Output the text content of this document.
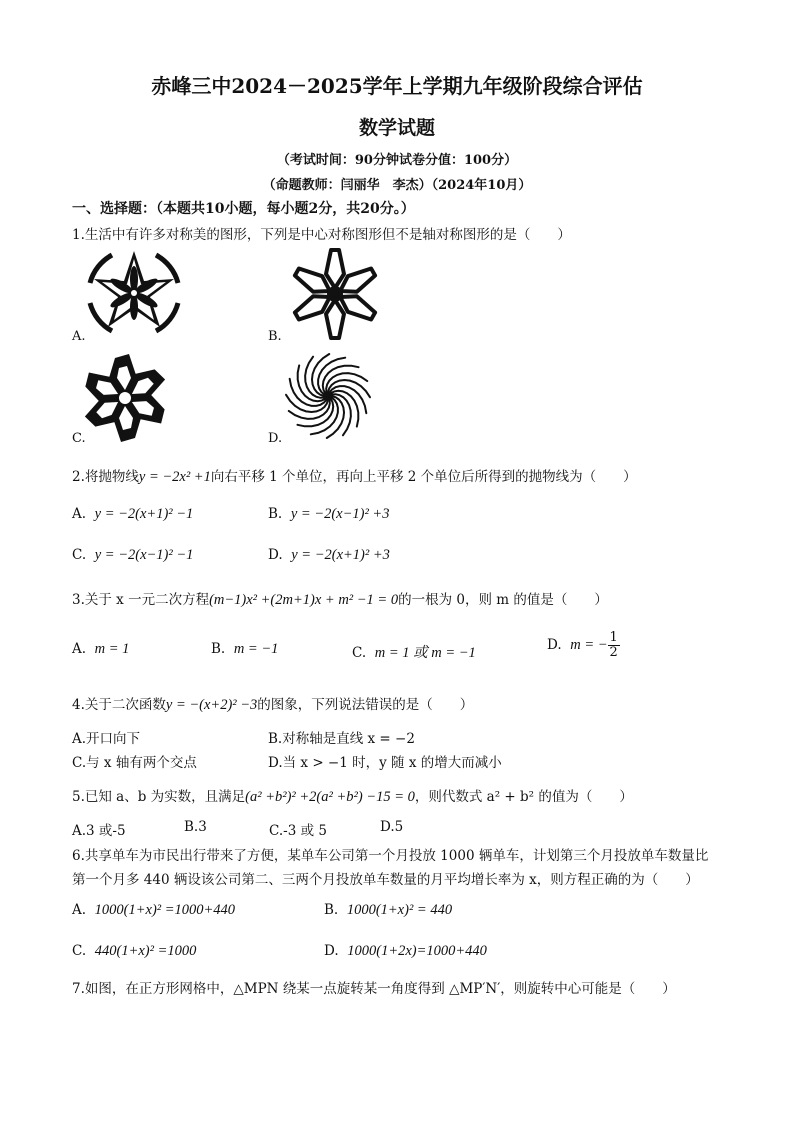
赤峰三中2024－2025学年上学期九年级阶段综合评估
数学试题
（考试时间：90分钟试卷分值：100分）
（命题教师：闫丽华　李杰）（2024年10月）
一、选择题：（本题共10小题，每小题2分，共20分。）
1.生活中有许多对称美的图形，下列是中心对称图形但不是轴对称图形的是（　　）
A.	B.
C.	D.
2.将抛物线y = −2x² +1向右平移 1 个单位，再向上平移 2 个单位后所得到的抛物线为（　　）
A. y = −2(x+1)² −1	B. y = −2(x−1)² +3
C. y = −2(x−1)² −1	D. y = −2(x+1)² +3
3.关于 x 一元二次方程(m−1)x² +(2m+1)x + m² −1 = 0的一根为 0，则 m 的值是（　　）
A. m = 1	B. m = −1	C. m = 1 或 m = −1	D. m = − $\frac{1}{2}$
4.关于二次函数y = −(x+2)² −3的图象，下列说法错误的是（　　）
A.开口向下	B.对称轴是直线 x = −2
C.与 x 轴有两个交点	D.当 x > −1 时，y 随 x 的增大而减小
5.已知 a、b 为实数，且满足(a² +b²)² +2(a² +b²) −15 = 0，则代数式 a² + b² 的值为（　　）
A.3 或-5	B.3	C.-3 或 5	D.5
6.共享单车为市民出行带来了方便，某单车公司第一个月投放 1000 辆单车，计划第三个月投放单车数量比
第一个月多 440 辆设该公司第二、三两个月投放单车数量的月平均增长率为 x，则方程正确的为（　　）
A. 1000(1+x)² =1000+440	B. 1000(1+x)² = 440
C. 440(1+x)² =1000	D. 1000(1+2x)=1000+440
7.如图，在正方形网格中，△MPN 绕某一点旋转某一角度得到 △MP′N′，则旋转中心可能是（　　）
